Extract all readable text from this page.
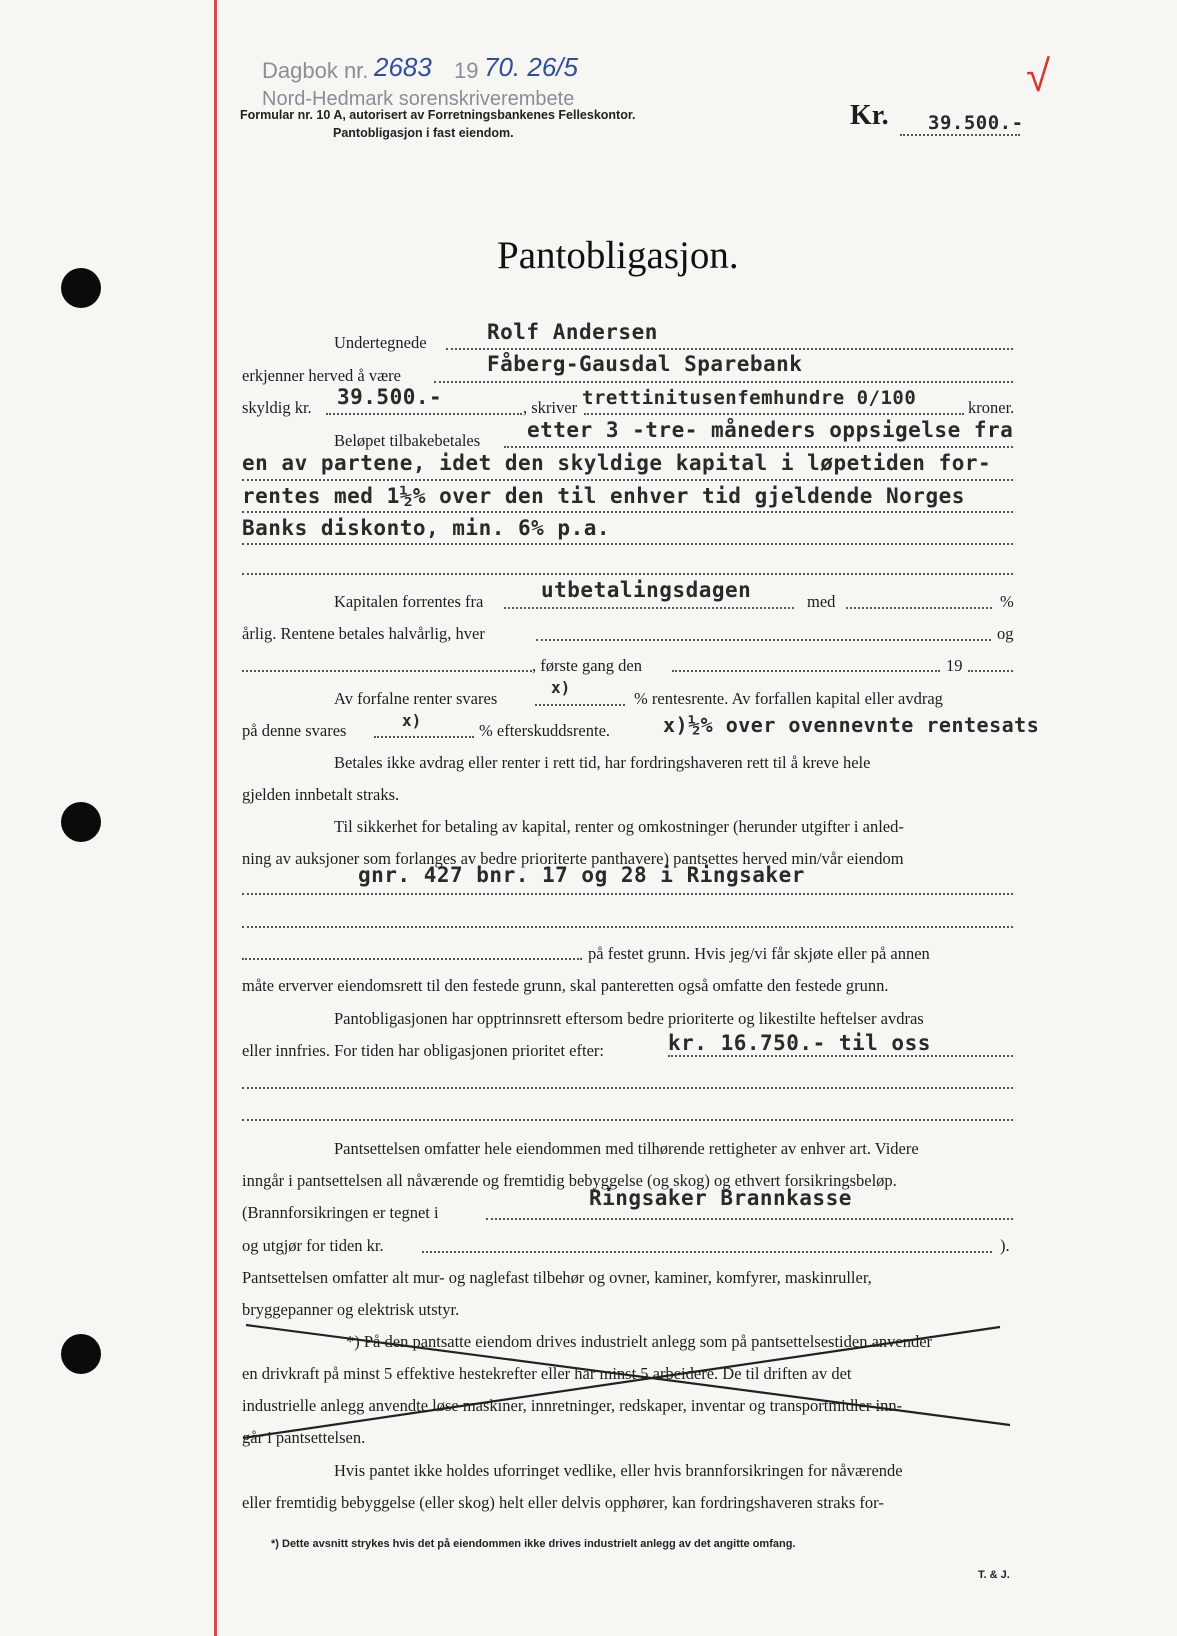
Dagbok nr. 2683 19 70. 26/5
Nord-Hedmark sorenskriverembete
Formular nr. 10 A, autorisert av Forretningsbankenes Felleskontor.
Pantobligasjon i fast eiendom.
Kr. 39.500.-
√
Pantobligasjon.
Undertegnede	Rolf Andersen
erkjenner herved å være	Fåberg-Gausdal Sparebank
skyldig kr. 39.500.-	, skriver trettinitusenfemhundre 0/100	kroner.
Beløpet tilbakebetales etter 3 -tre- måneders oppsigelse fra
en av partene, idet den skyldige kapital i løpetiden for-
rentes med 1½% over den til enhver tid gjeldende Norges
Banks diskonto, min. 6% p.a.
Kapitalen forrentes fra	utbetalingsdagen	med	%
årlig. Rentene betales halvårlig, hver	og
, første gang den	19
Av forfalne renter svares
x)
% rentesrente. Av forfallen kapital eller avdrag
på denne svares
x)
% efterskuddsrente.	x)½% over ovennevnte rentesats
Betales ikke avdrag eller renter i rett tid, har fordringshaveren rett til å kreve hele
gjelden innbetalt straks.
Til sikkerhet for betaling av kapital, renter og omkostninger (herunder utgifter i anled-
ning av auksjoner som forlanges av bedre prioriterte panthavere) pantsettes herved min/vår eiendom
gnr. 427 bnr. 17 og 28 i Ringsaker
på festet grunn. Hvis jeg/vi får skjøte eller på annen
måte erverver eiendomsrett til den festede grunn, skal panteretten også omfatte den festede grunn.
Pantobligasjonen har opptrinnsrett eftersom bedre prioriterte og likestilte heftelser avdras
eller innfries. For tiden har obligasjonen prioritet efter:	kr. 16.750.- til oss
Pantsettelsen omfatter hele eiendommen med tilhørende rettigheter av enhver art. Videre
inngår i pantsettelsen all nåværende og fremtidig bebyggelse (og skog) og ethvert forsikringsbeløp.
(Brannforsikringen er tegnet i
Ringsaker Brannkasse
og utgjør for tiden kr.	).
Pantsettelsen omfatter alt mur- og naglefast tilbehør og ovner, kaminer, komfyrer, maskinruller,
bryggepanner og elektrisk utstyr.
*) På den pantsatte eiendom drives industrielt anlegg som på pantsettelsestiden anvender
en drivkraft på minst 5 effektive hestekrefter eller har minst 5 arbeidere. De til driften av det
industrielle anlegg anvendte løse maskiner, innretninger, redskaper, inventar og transportmidler inn-
går i pantsettelsen.
Hvis pantet ikke holdes uforringet vedlike, eller hvis brannforsikringen for nåværende
eller fremtidig bebyggelse (eller skog) helt eller delvis opphører, kan fordringshaveren straks for-
*) Dette avsnitt strykes hvis det på eiendommen ikke drives industrielt anlegg av det angitte omfang.
T. & J.
